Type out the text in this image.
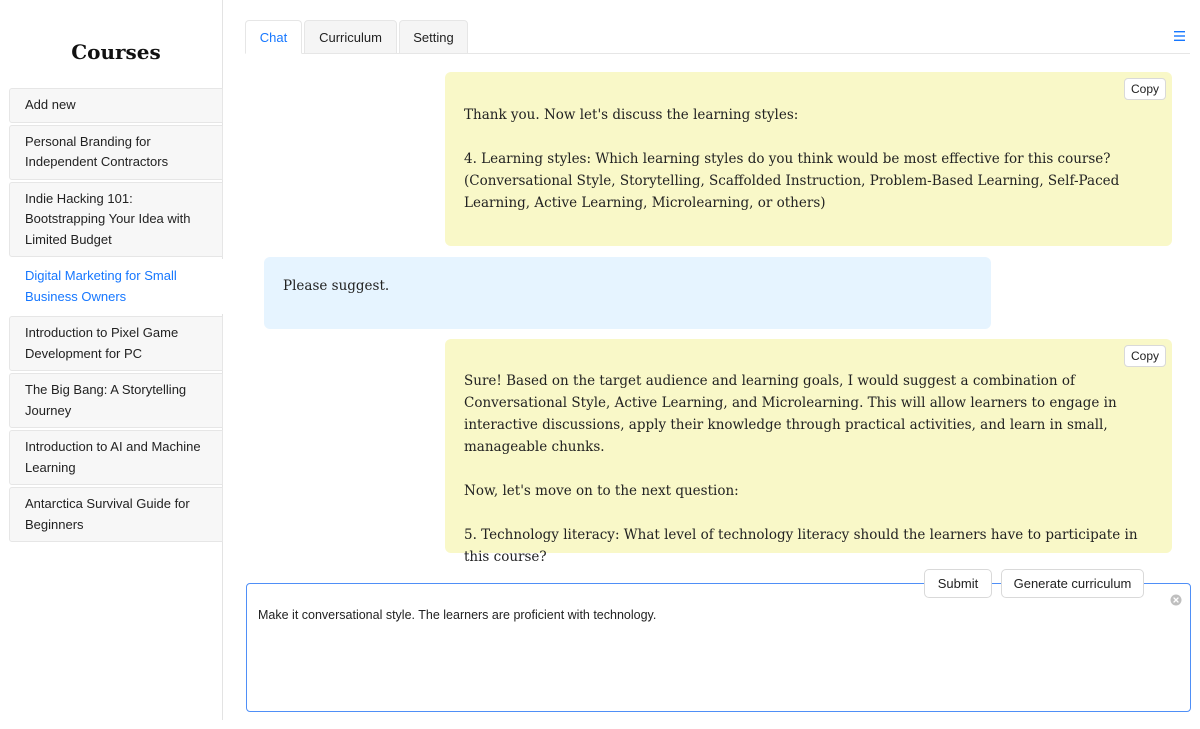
Courses
Add new
Personal Branding for Independent Contractors
Indie Hacking 101: Bootstrapping Your Idea with Limited Budget
Digital Marketing for Small Business Owners
Introduction to Pixel Game Development for PC
The Big Bang: A Storytelling Journey
Introduction to AI and Machine Learning
Antarctica Survival Guide for Beginners
Chat	Curriculum	Setting
Copy
Thank you. Now let's discuss the learning styles:

4. Learning styles: Which learning styles do you think would be most effective for this course? (Conversational Style, Storytelling, Scaffolded Instruction, Problem-Based Learning, Self-Paced Learning, Active Learning, Microlearning, or others)
Please suggest.
Copy
Sure! Based on the target audience and learning goals, I would suggest a combination of Conversational Style, Active Learning, and Microlearning. This will allow learners to engage in interactive discussions, apply their knowledge through practical activities, and learn in small, manageable chunks.

Now, let's move on to the next question:

5. Technology literacy: What level of technology literacy should the learners have to participate in this course?
Make it conversational style. The learners are proficient with technology.
Submit	Generate curriculum
